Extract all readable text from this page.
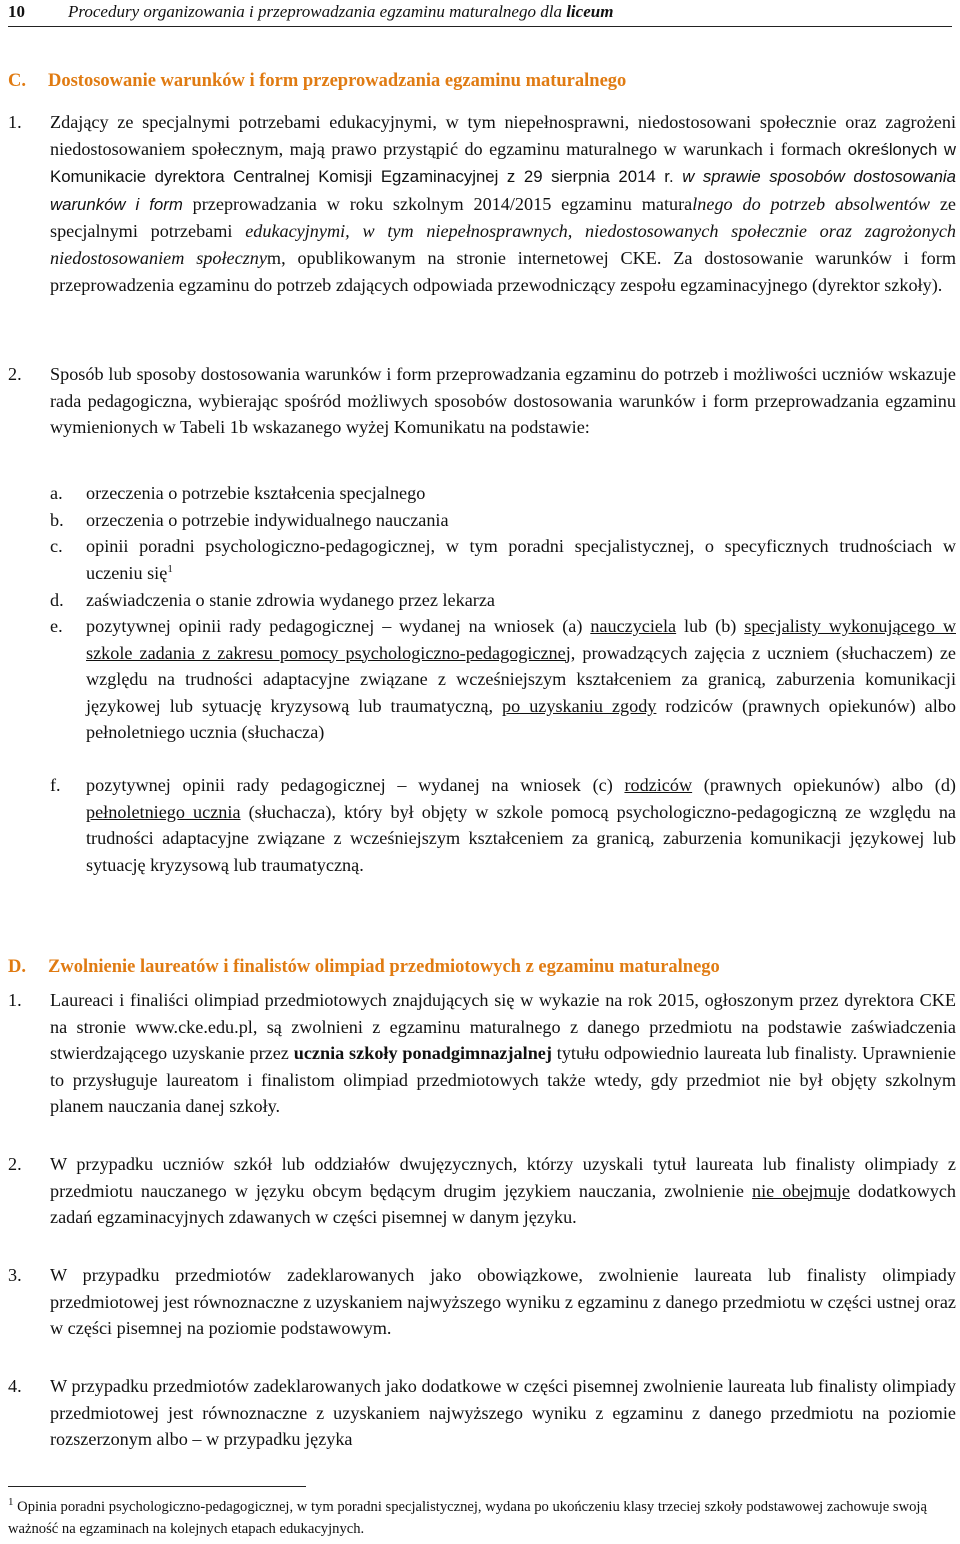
10	Procedury organizowania i przeprowadzania egzaminu maturalnego dla liceum
C. Dostosowanie warunków i form przeprowadzania egzaminu maturalnego
1. Zdający ze specjalnymi potrzebami edukacyjnymi, w tym niepełnosprawni, niedostosowani społecznie oraz zagrożeni niedostosowaniem społecznym, mają prawo przystąpić do egzaminu maturalnego w warunkach i formach określonych w Komunikacie dyrektora Centralnej Komisji Egzaminacyjnej z 29 sierpnia 2014 r. w sprawie sposobów dostosowania warunków i form przeprowadzania w roku szkolnym 2014/2015 egzaminu maturalnego do potrzeb absolwentów ze specjalnymi potrzebami edukacyjnymi, w tym niepełnosprawnych, niedostosowanych społecznie oraz zagrożonych niedostosowaniem społecznym, opublikowanym na stronie internetowej CKE. Za dostosowanie warunków i form przeprowadzenia egzaminu do potrzeb zdających odpowiada przewodniczący zespołu egzaminacyjnego (dyrektor szkoły).
2. Sposób lub sposoby dostosowania warunków i form przeprowadzania egzaminu do potrzeb i możliwości uczniów wskazuje rada pedagogiczna, wybierając spośród możliwych sposobów dostosowania warunków i form przeprowadzania egzaminu wymienionych w Tabeli 1b wskazanego wyżej Komunikatu na podstawie:
a. orzeczenia o potrzebie kształcenia specjalnego
b. orzeczenia o potrzebie indywidualnego nauczania
c. opinii poradni psychologiczno-pedagogicznej, w tym poradni specjalistycznej, o specyficznych trudnościach w uczeniu się$^1$
d. zaświadczenia o stanie zdrowia wydanego przez lekarza
e. pozytywnej opinii rady pedagogicznej – wydanej na wniosek (a) nauczyciela lub (b) specjalisty wykonującego w szkole zadania z zakresu pomocy psychologiczno-pedagogicznej, prowadzących zajęcia z uczniem (słuchaczem) ze względu na trudności adaptacyjne związane z wcześniejszym kształceniem za granicą, zaburzenia komunikacji językowej lub sytuację kryzysową lub traumatyczną, po uzyskaniu zgody rodziców (prawnych opiekunów) albo pełnoletniego ucznia (słuchacza)
f. pozytywnej opinii rady pedagogicznej – wydanej na wniosek (c) rodziców (prawnych opiekunów) albo (d) pełnoletniego ucznia (słuchacza), który był objęty w szkole pomocą psychologiczno-pedagogiczną ze względu na trudności adaptacyjne związane z wcześniejszym kształceniem za granicą, zaburzenia komunikacji językowej lub sytuację kryzysową lub traumatyczną.
D. Zwolnienie laureatów i finalistów olimpiad przedmiotowych z egzaminu maturalnego
1. Laureaci i finaliści olimpiad przedmiotowych znajdujących się w wykazie na rok 2015, ogłoszonym przez dyrektora CKE na stronie www.cke.edu.pl, są zwolnieni z egzaminu maturalnego z danego przedmiotu na podstawie zaświadczenia stwierdzającego uzyskanie przez ucznia szkoły ponadgimnazjalnej tytułu odpowiednio laureata lub finalisty. Uprawnienie to przysługuje laureatom i finalistom olimpiad przedmiotowych także wtedy, gdy przedmiot nie był objęty szkolnym planem nauczania danej szkoły.
2. W przypadku uczniów szkół lub oddziałów dwujęzycznych, którzy uzyskali tytuł laureata lub finalisty olimpiady z przedmiotu nauczanego w języku obcym będącym drugim językiem nauczania, zwolnienie nie obejmuje dodatkowych zadań egzaminacyjnych zdawanych w części pisemnej w danym języku.
3. W przypadku przedmiotów zadeklarowanych jako obowiązkowe, zwolnienie laureata lub finalisty olimpiady przedmiotowej jest równoznaczne z uzyskaniem najwyższego wyniku z egzaminu z danego przedmiotu w części ustnej oraz w części pisemnej na poziomie podstawowym.
4. W przypadku przedmiotów zadeklarowanych jako dodatkowe w części pisemnej zwolnienie laureata lub finalisty olimpiady przedmiotowej jest równoznaczne z uzyskaniem najwyższego wyniku z egzaminu z danego przedmiotu na poziomie rozszerzonym albo – w przypadku języka
$^1$ Opinia poradni psychologiczno-pedagogicznej, w tym poradni specjalistycznej, wydana po ukończeniu klasy trzeciej szkoły podstawowej zachowuje swoją ważność na egzaminach na kolejnych etapach edukacyjnych.
